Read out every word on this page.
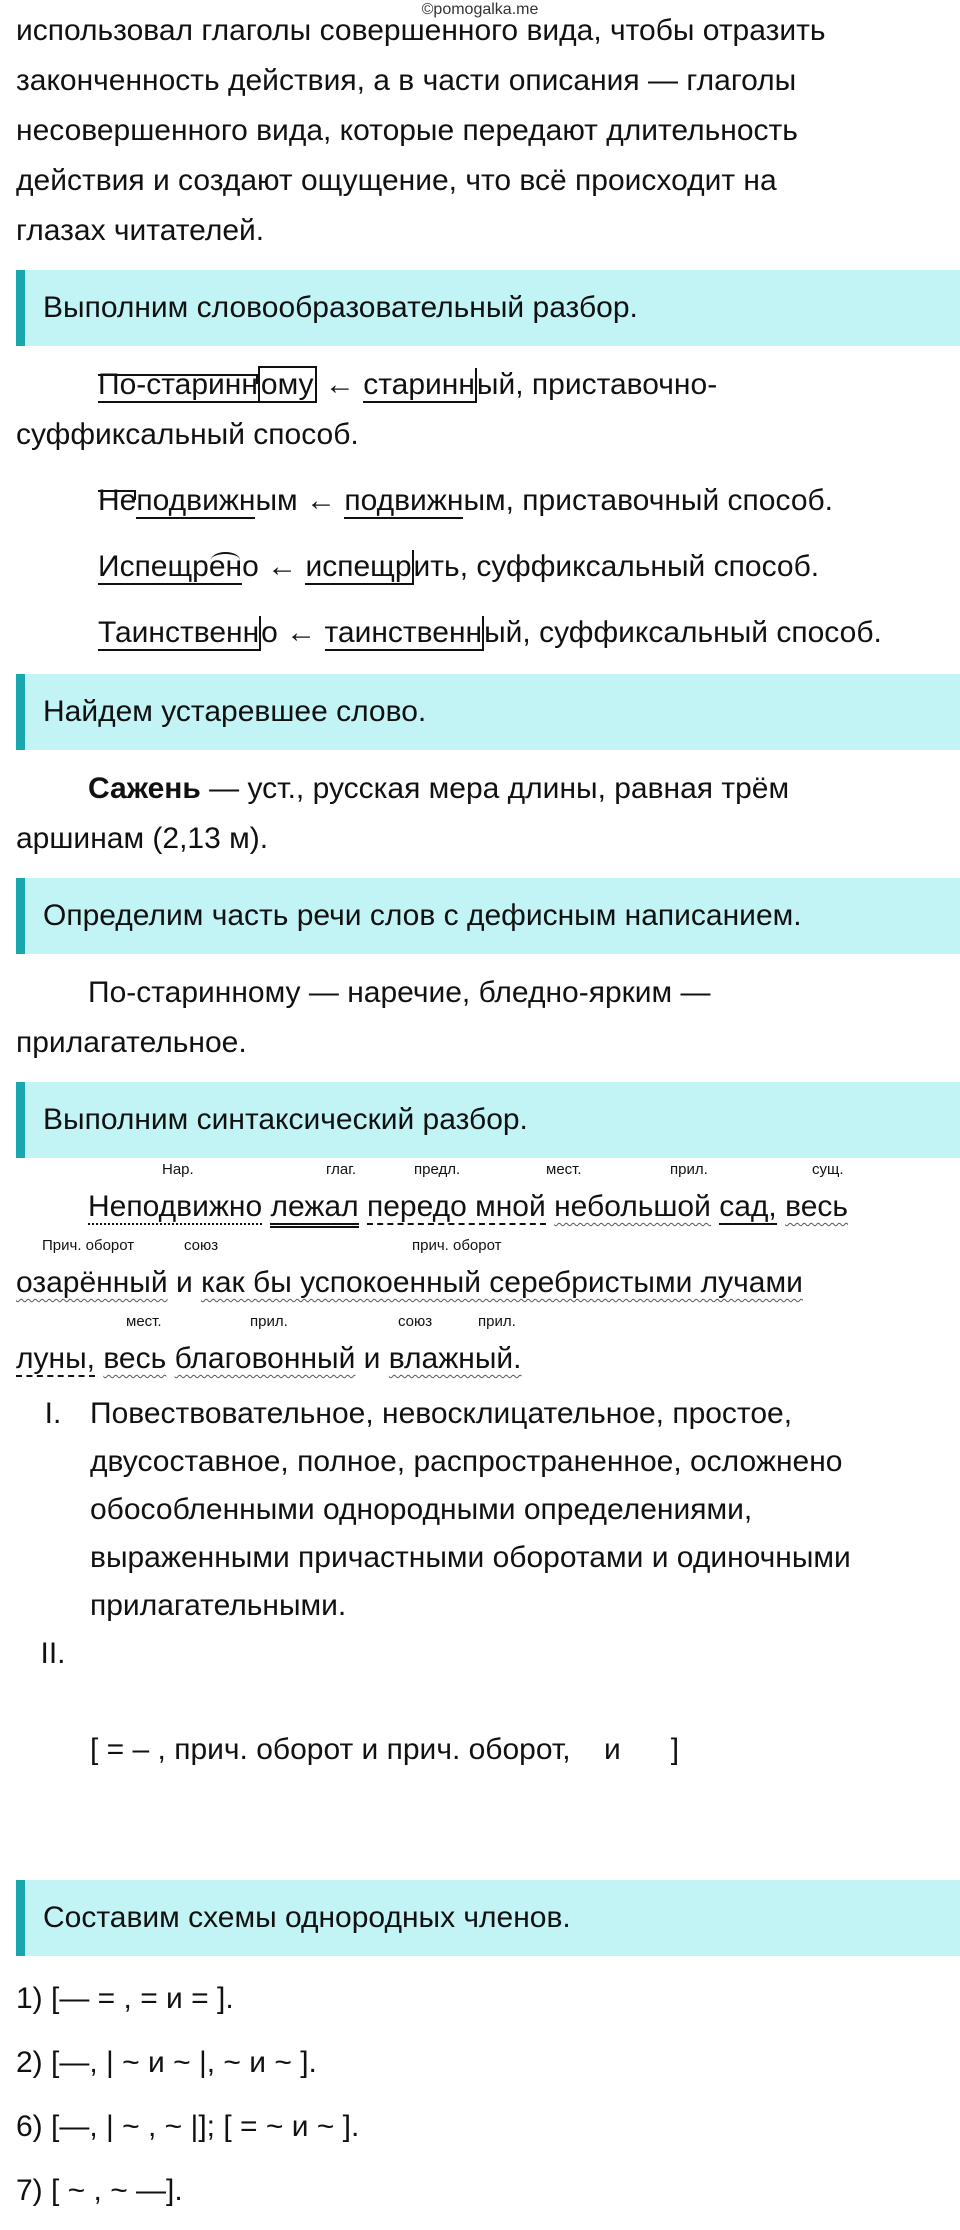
©pomogalka.me

использовал глаголы совершенного вида, чтобы отразить

законченность действия, а в части описания — глаголы

несовершенного вида, которые передают длительность

действия и создают ощущение, что всё происходит на

глазах читателей.

Выполним словообразовательный разбор.

По-старинн ому ← старинный, приставочно-

суффиксальный способ.

Неподвижным ← подвижным, приставочный способ.

Испещрено ← испещрить, суффиксальный способ.

Таинственно ← таинственный, суффиксальный способ.

Найдем устаревшее слово.

Сажень — уст., русская мера длины, равная трём

аршинам (2,13 м).

Определим часть речи слов с дефисным написанием.

По-старинному — наречие, бледно-ярким —

прилагательное.

Выполним синтаксический разбор.
Нар.	глаг.	предл.	мест.	прил.	сущ.
Неподвижно лежал передо мной небольшой сад, весь
Прич. оборот	союз	прич. оборот
озарённый и как бы успокоенный серебристыми лучами
мест.	прил.	союз	прил.
луны, весь благовонный и влажный.
I. Повествовательное, невосклицательное, простое,
двусоставное, полное, распространенное, осложнено
обособленными однородными определениями,
выраженными причастными оборотами и одиночными
прилагательными.
II.

[ = – , прич. оборот и прич. оборот,    и      ]

Составим схемы однородных членов.

1) [— = , = и = ].

2) [—, | ~ и ~ |, ~ и ~ ].

6) [—, | ~ , ~ |]; [ = ~ и ~ ].

7) [ ~ , ~ —].
